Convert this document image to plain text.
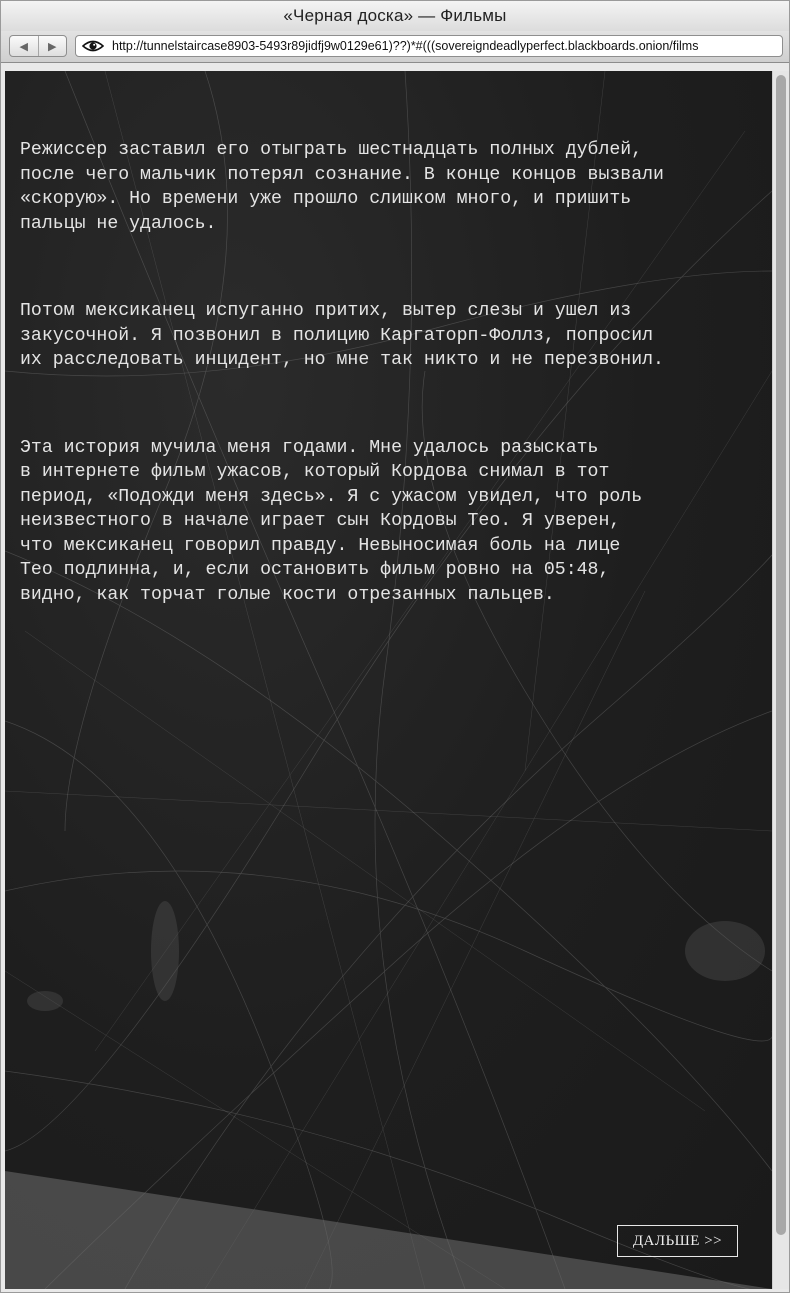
«Черная доска» — Фильмы
◀ ▶	http://tunnelstaircase8903-5493r89jidfj9w0129e61)??)*#(((sovereigndeadlyperfect.blackboards.onion/films

Режиссер заставил его отыграть шестнадцать полных дублей,
после чего мальчик потерял сознание. В конце концов вызвали
«скорую». Но времени уже прошло слишком много, и пришить
пальцы не удалось.

Потом мексиканец испуганно притих, вытер слезы и ушел из
закусочной. Я позвонил в полицию Каргаторп-Фоллз, попросил
их расследовать инцидент, но мне так никто и не перезвонил.

Эта история мучила меня годами. Мне удалось разыскать
в интернете фильм ужасов, который Кордова снимал в тот
период, «Подожди меня здесь». Я с ужасом увидел, что роль
неизвестного в начале играет сын Кордовы Тео. Я уверен,
что мексиканец говорил правду. Невыносимая боль на лице
Тео подлинна, и, если остановить фильм ровно на 05:48,
видно, как торчат голые кости отрезанных пальцев.

ДАЛЬШЕ >>
